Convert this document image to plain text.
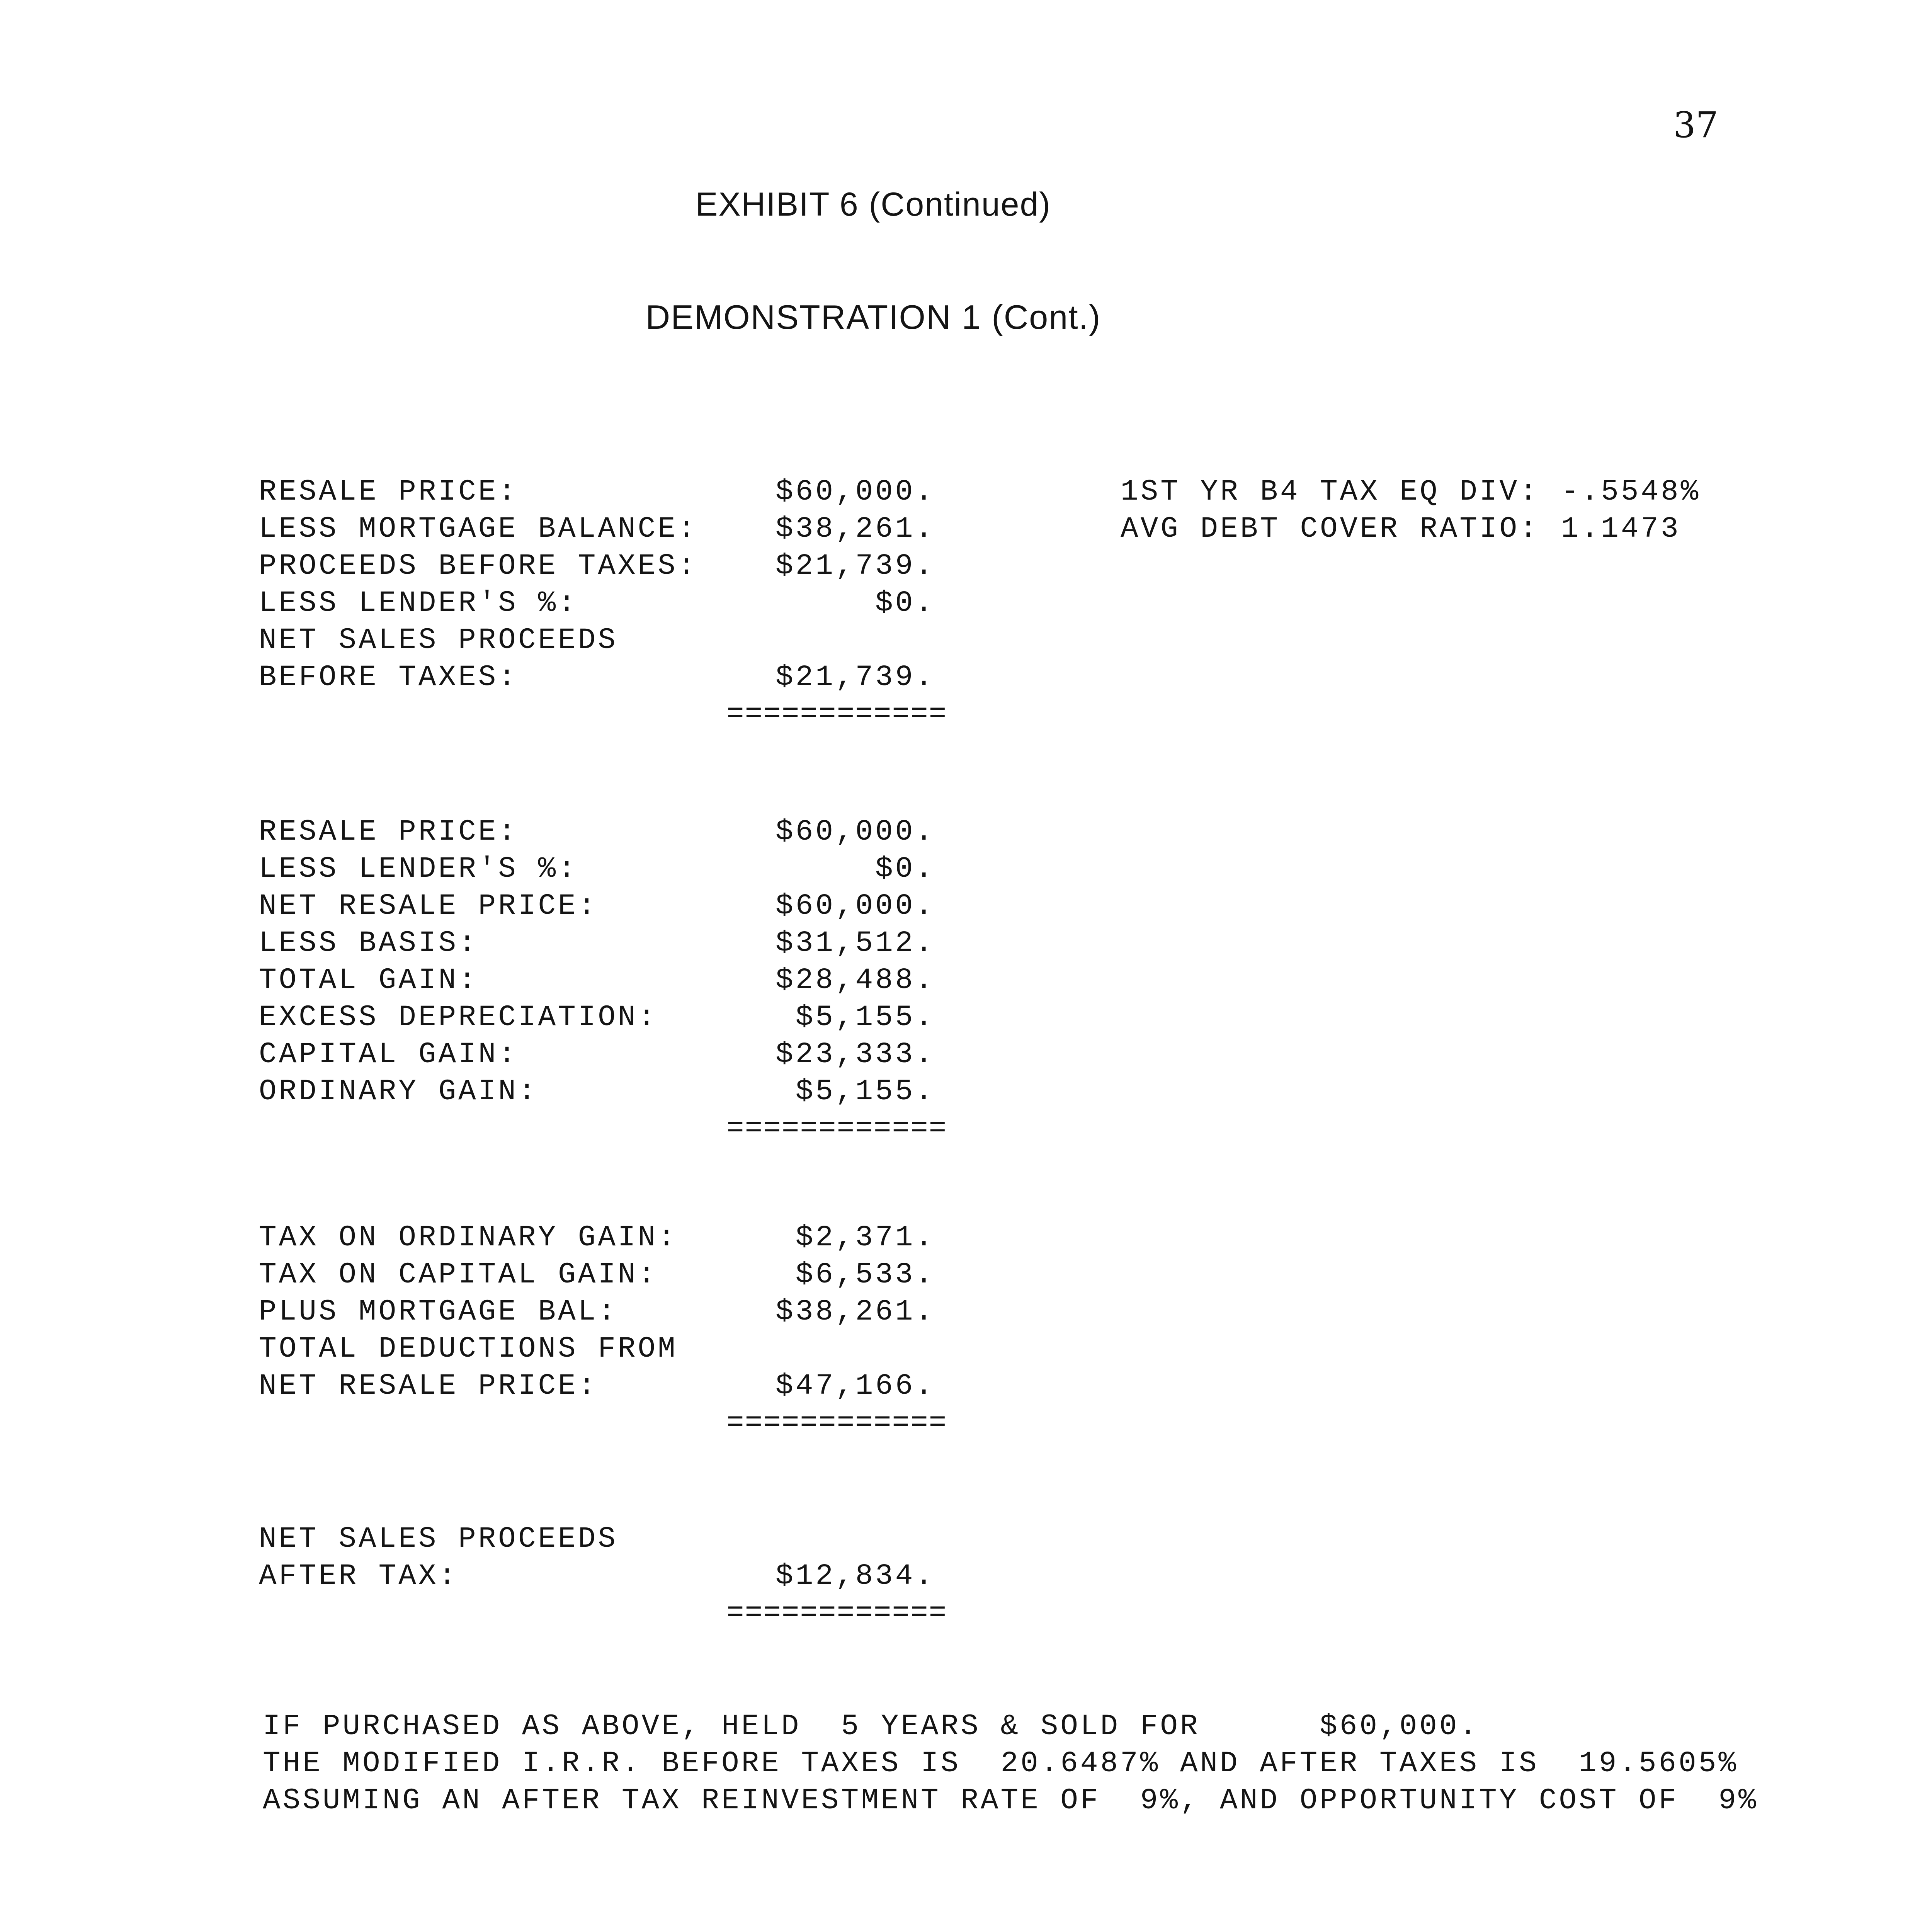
37
EXHIBIT 6 (Continued)
DEMONSTRATION 1 (Cont.)
RESALE PRICE:	$60,000.
LESS MORTGAGE BALANCE:	$38,261.
PROCEEDS BEFORE TAXES:	$21,739.
LESS LENDER'S %:	$0.
NET SALES PROCEEDS
BEFORE TAXES:	$21,739.
============
RESALE PRICE:	$60,000.
LESS LENDER'S %:	$0.
NET RESALE PRICE:	$60,000.
LESS BASIS:	$31,512.
TOTAL GAIN:	$28,488.
EXCESS DEPRECIATION:	$5,155.
CAPITAL GAIN:	$23,333.
ORDINARY GAIN:	$5,155.
============
TAX ON ORDINARY GAIN:	$2,371.
TAX ON CAPITAL GAIN:	$6,533.
PLUS MORTGAGE BAL:	$38,261.
TOTAL DEDUCTIONS FROM
NET RESALE PRICE:	$47,166.
============
NET SALES PROCEEDS
AFTER TAX:	$12,834.
============
1ST YR B4 TAX EQ DIV: -.5548%
AVG DEBT COVER RATIO: 1.1473
IF PURCHASED AS ABOVE, HELD  5 YEARS & SOLD FOR      $60,000.
THE MODIFIED I.R.R. BEFORE TAXES IS  20.6487% AND AFTER TAXES IS  19.5605%
ASSUMING AN AFTER TAX REINVESTMENT RATE OF  9%, AND OPPORTUNITY COST OF  9%
